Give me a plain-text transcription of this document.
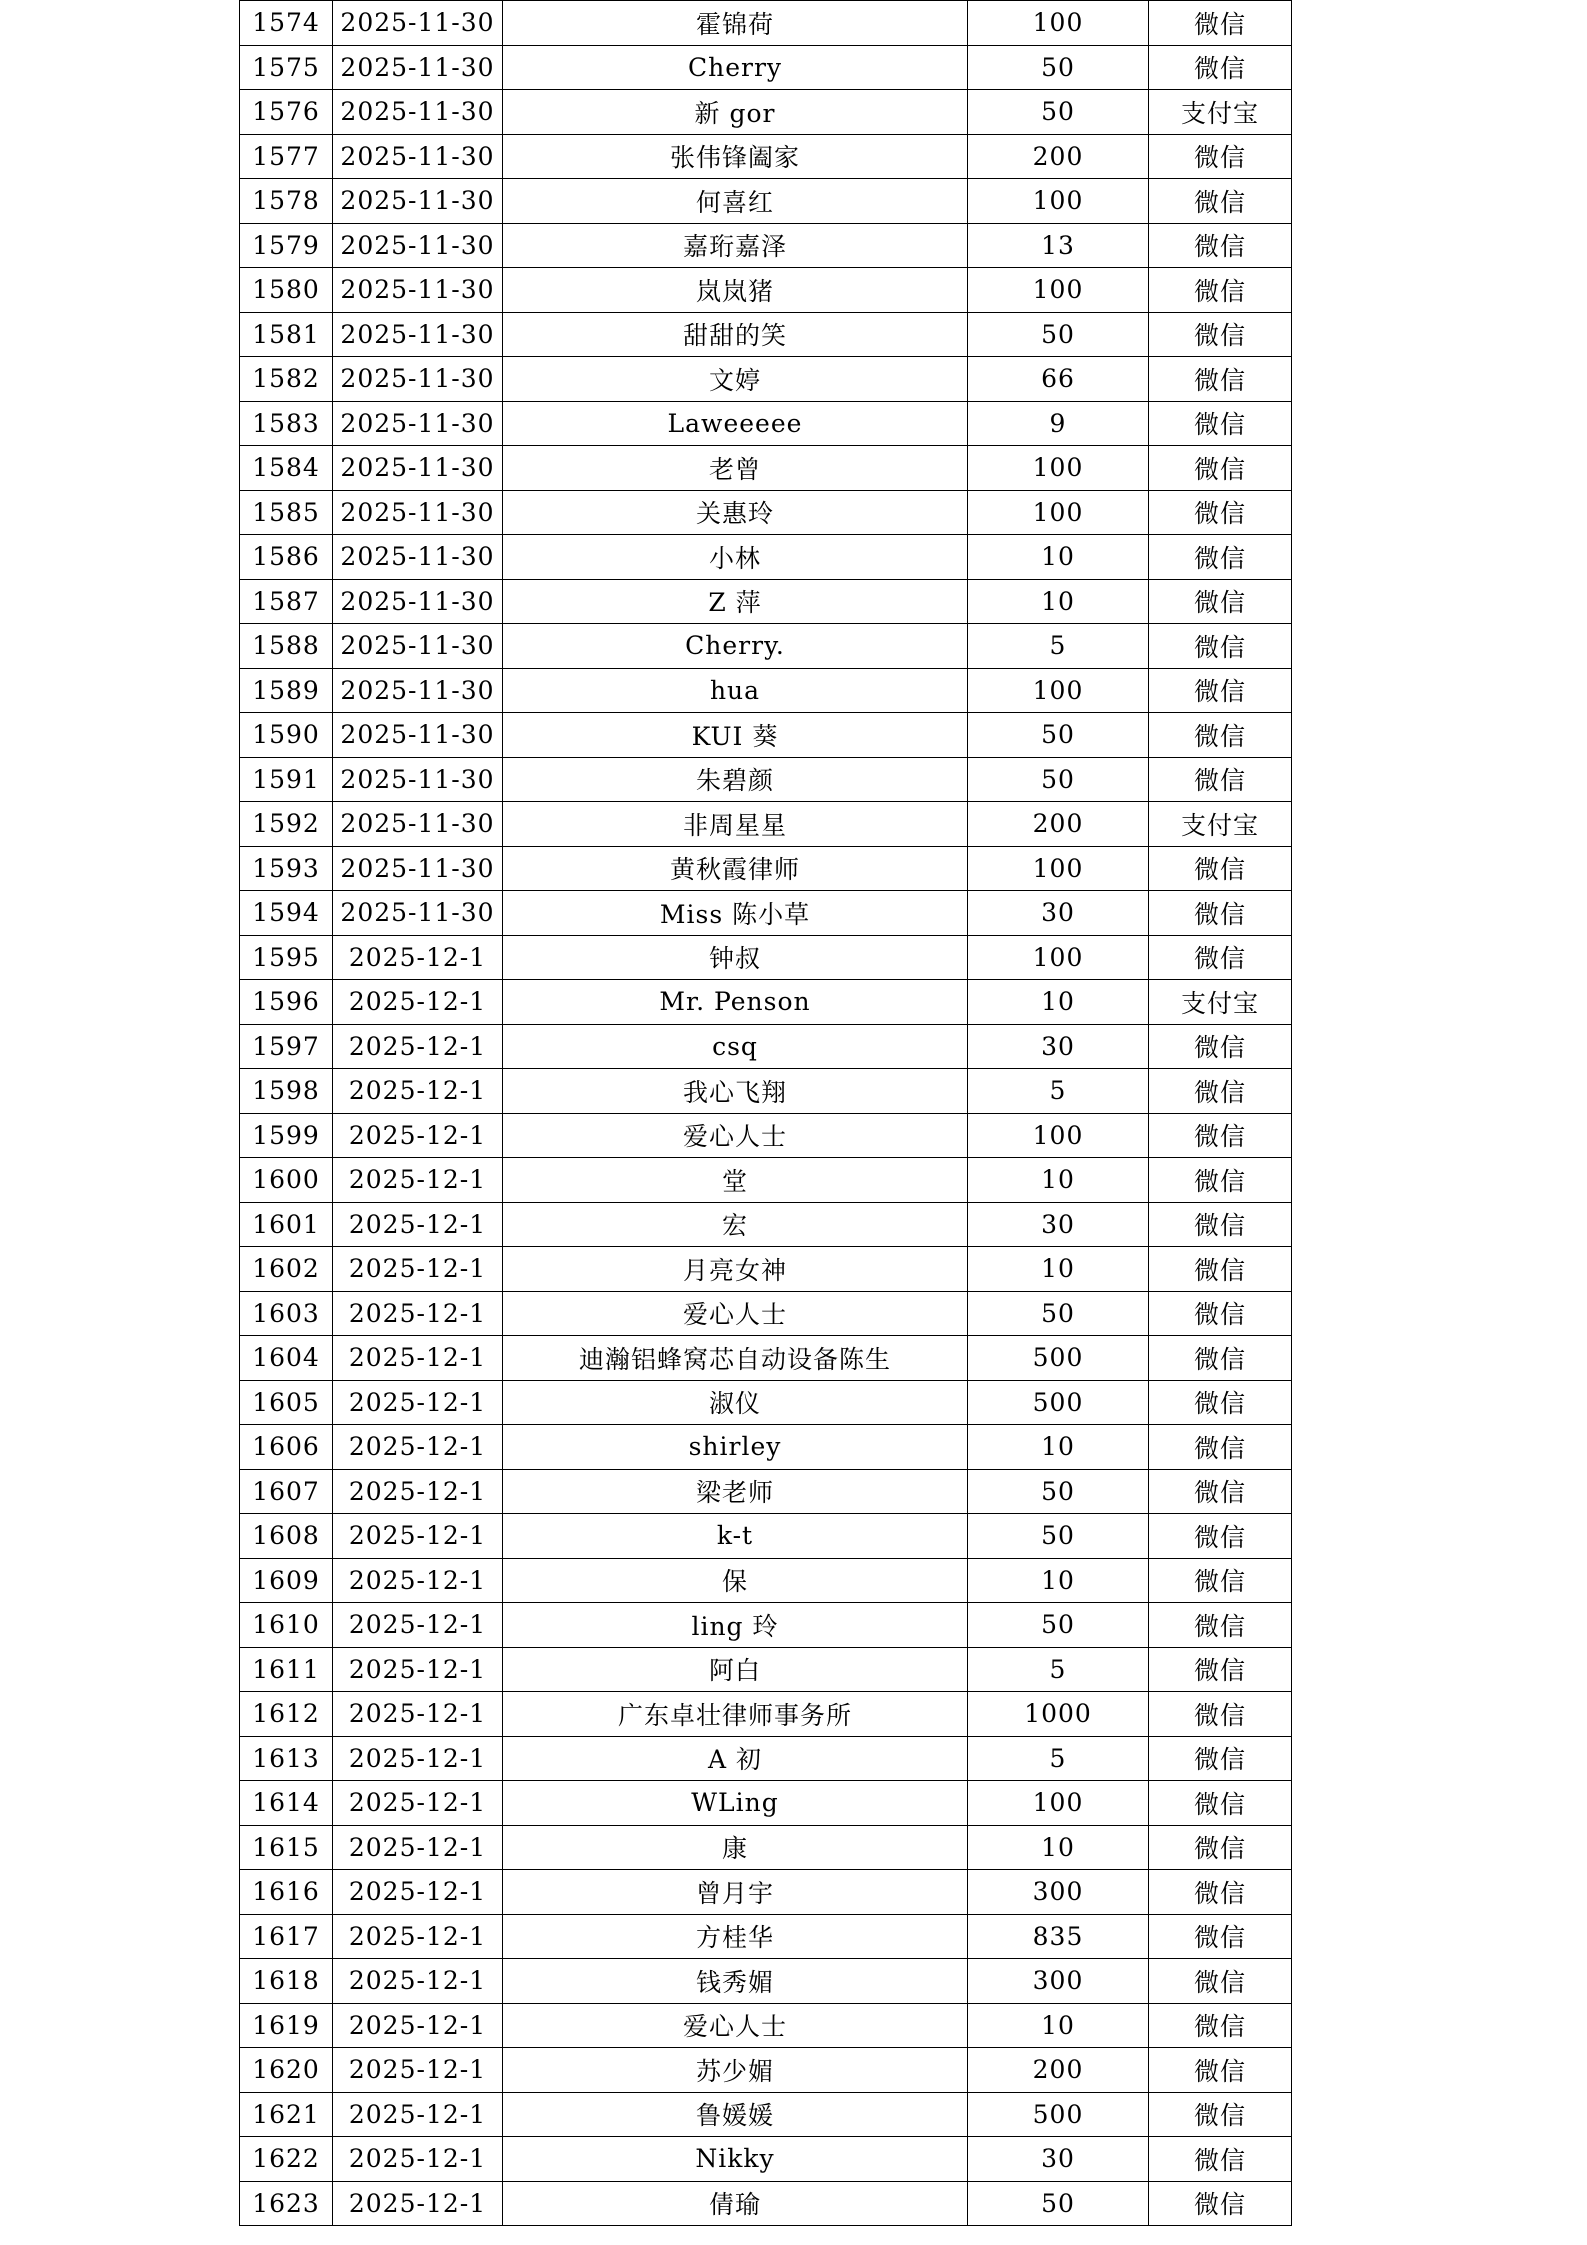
1574	2025-11-30	霍锦荷	100	微信
1575	2025-11-30	Cherry	50	微信
1576	2025-11-30	新 gor	50	支付宝
1577	2025-11-30	张伟锋阖家	200	微信
1578	2025-11-30	何喜红	100	微信
1579	2025-11-30	嘉珩嘉泽	13	微信
1580	2025-11-30	岚岚猪	100	微信
1581	2025-11-30	甜甜的笑	50	微信
1582	2025-11-30	文婷	66	微信
1583	2025-11-30	Laweeeee	9	微信
1584	2025-11-30	老曾	100	微信
1585	2025-11-30	关惠玲	100	微信
1586	2025-11-30	小林	10	微信
1587	2025-11-30	Z 萍	10	微信
1588	2025-11-30	Cherry.	5	微信
1589	2025-11-30	hua	100	微信
1590	2025-11-30	KUI 葵	50	微信
1591	2025-11-30	朱碧颜	50	微信
1592	2025-11-30	非周星星	200	支付宝
1593	2025-11-30	黄秋霞律师	100	微信
1594	2025-11-30	Miss 陈小草	30	微信
1595	2025-12-1	钟叔	100	微信
1596	2025-12-1	Mr. Penson	10	支付宝
1597	2025-12-1	csq	30	微信
1598	2025-12-1	我心飞翔	5	微信
1599	2025-12-1	爱心人士	100	微信
1600	2025-12-1	堂	10	微信
1601	2025-12-1	宏	30	微信
1602	2025-12-1	月亮女神	10	微信
1603	2025-12-1	爱心人士	50	微信
1604	2025-12-1	迪瀚铝蜂窝芯自动设备陈生	500	微信
1605	2025-12-1	淑仪	500	微信
1606	2025-12-1	shirley	10	微信
1607	2025-12-1	梁老师	50	微信
1608	2025-12-1	k-t	50	微信
1609	2025-12-1	保	10	微信
1610	2025-12-1	ling 玲	50	微信
1611	2025-12-1	阿白	5	微信
1612	2025-12-1	广东卓壮律师事务所	1000	微信
1613	2025-12-1	A 初	5	微信
1614	2025-12-1	WLing	100	微信
1615	2025-12-1	康	10	微信
1616	2025-12-1	曾月宇	300	微信
1617	2025-12-1	方桂华	835	微信
1618	2025-12-1	钱秀媚	300	微信
1619	2025-12-1	爱心人士	10	微信
1620	2025-12-1	苏少媚	200	微信
1621	2025-12-1	鲁媛媛	500	微信
1622	2025-12-1	Nikky	30	微信
1623	2025-12-1	倩瑜	50	微信
